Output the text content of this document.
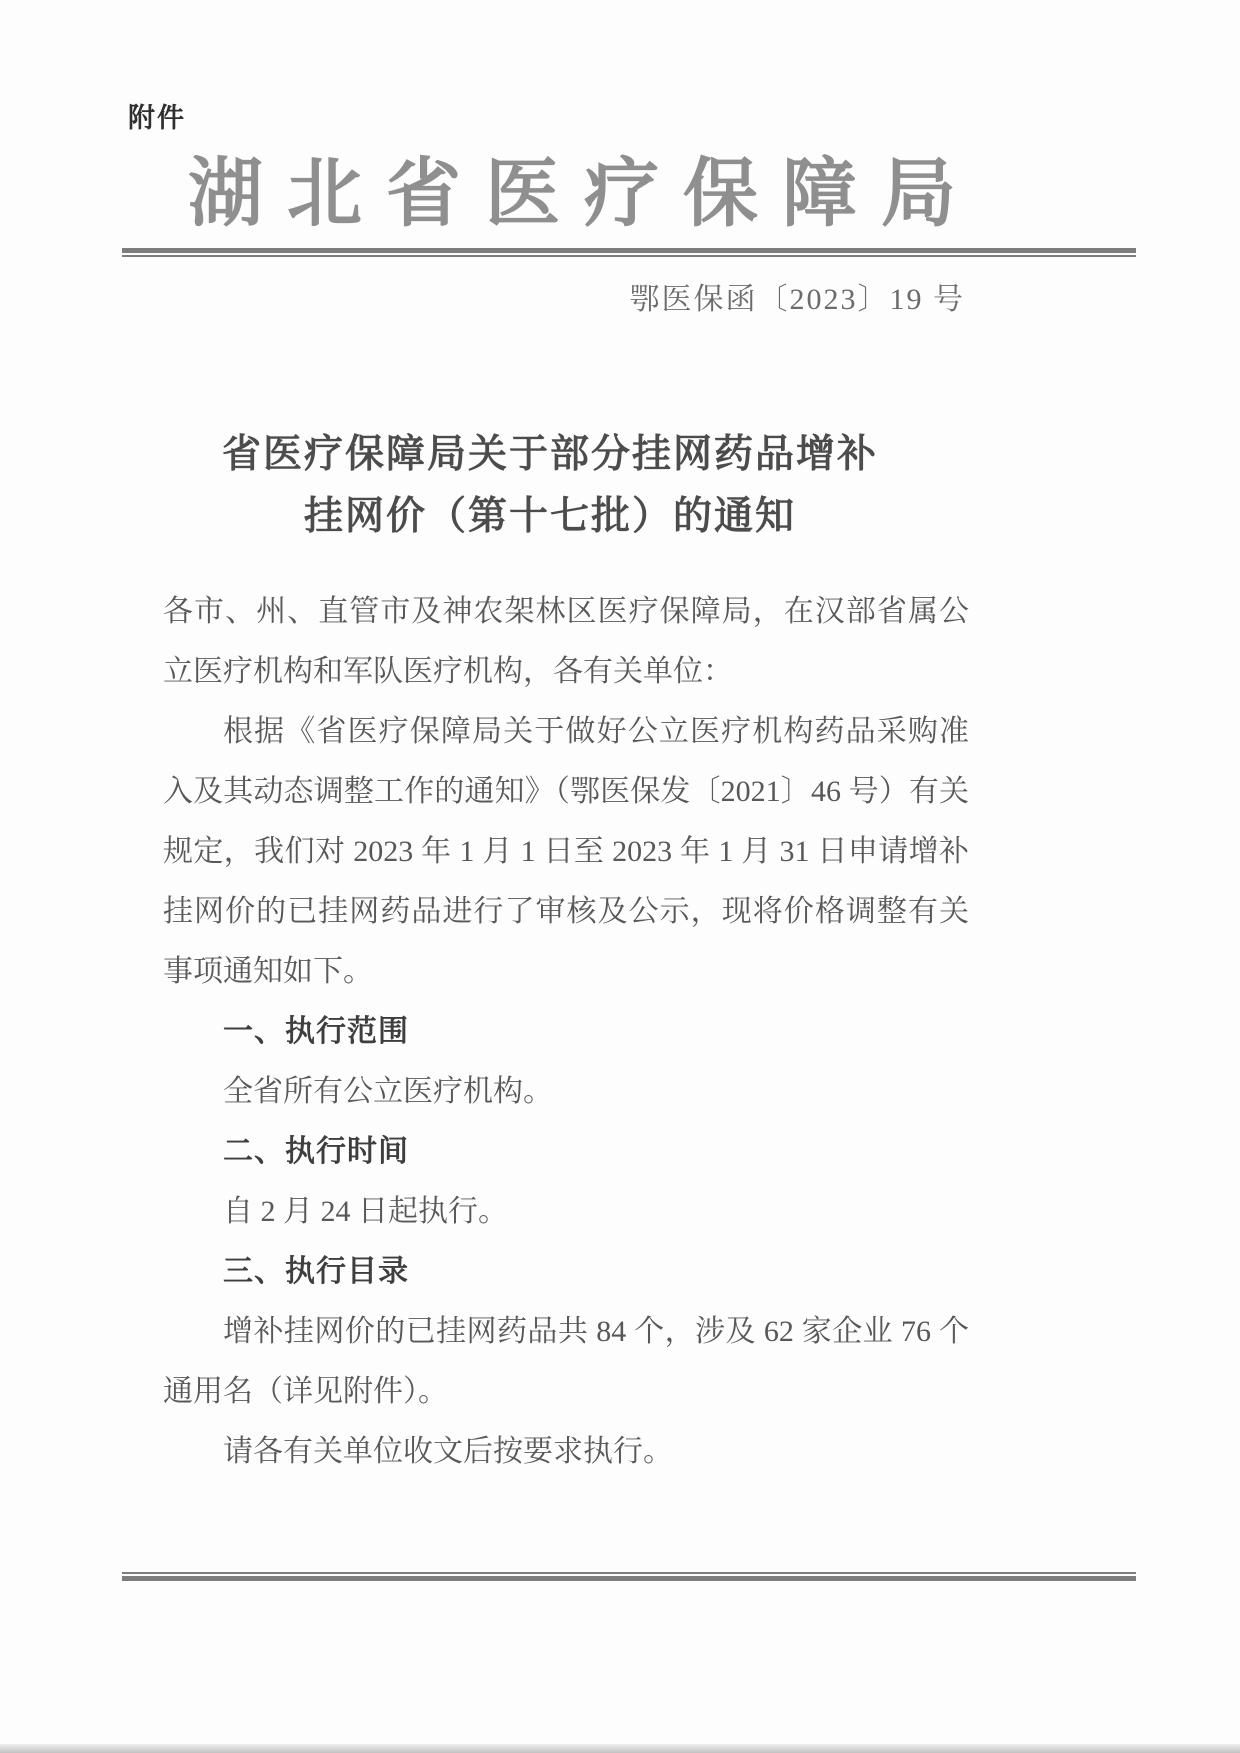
附件
湖北省医疗保障局
鄂医保函〔2023〕19 号
省医疗保障局关于部分挂网药品增补
挂网价（第十七批）的通知

各市、州、直管市及神农架林区医疗保障局，在汉部省属公立医疗机构和军队医疗机构，各有关单位：

根据《省医疗保障局关于做好公立医疗机构药品采购准入及其动态调整工作的通知》（鄂医保发〔2021〕46 号）有关规定，我们对 2023 年 1 月 1 日至 2023 年 1 月 31 日申请增补挂网价的已挂网药品进行了审核及公示，现将价格调整有关事项通知如下。

一、执行范围

全省所有公立医疗机构。

二、执行时间

自 2 月 24 日起执行。

三、执行目录

增补挂网价的已挂网药品共 84 个，涉及 62 家企业 76 个通用名（详见附件）。

请各有关单位收文后按要求执行。
